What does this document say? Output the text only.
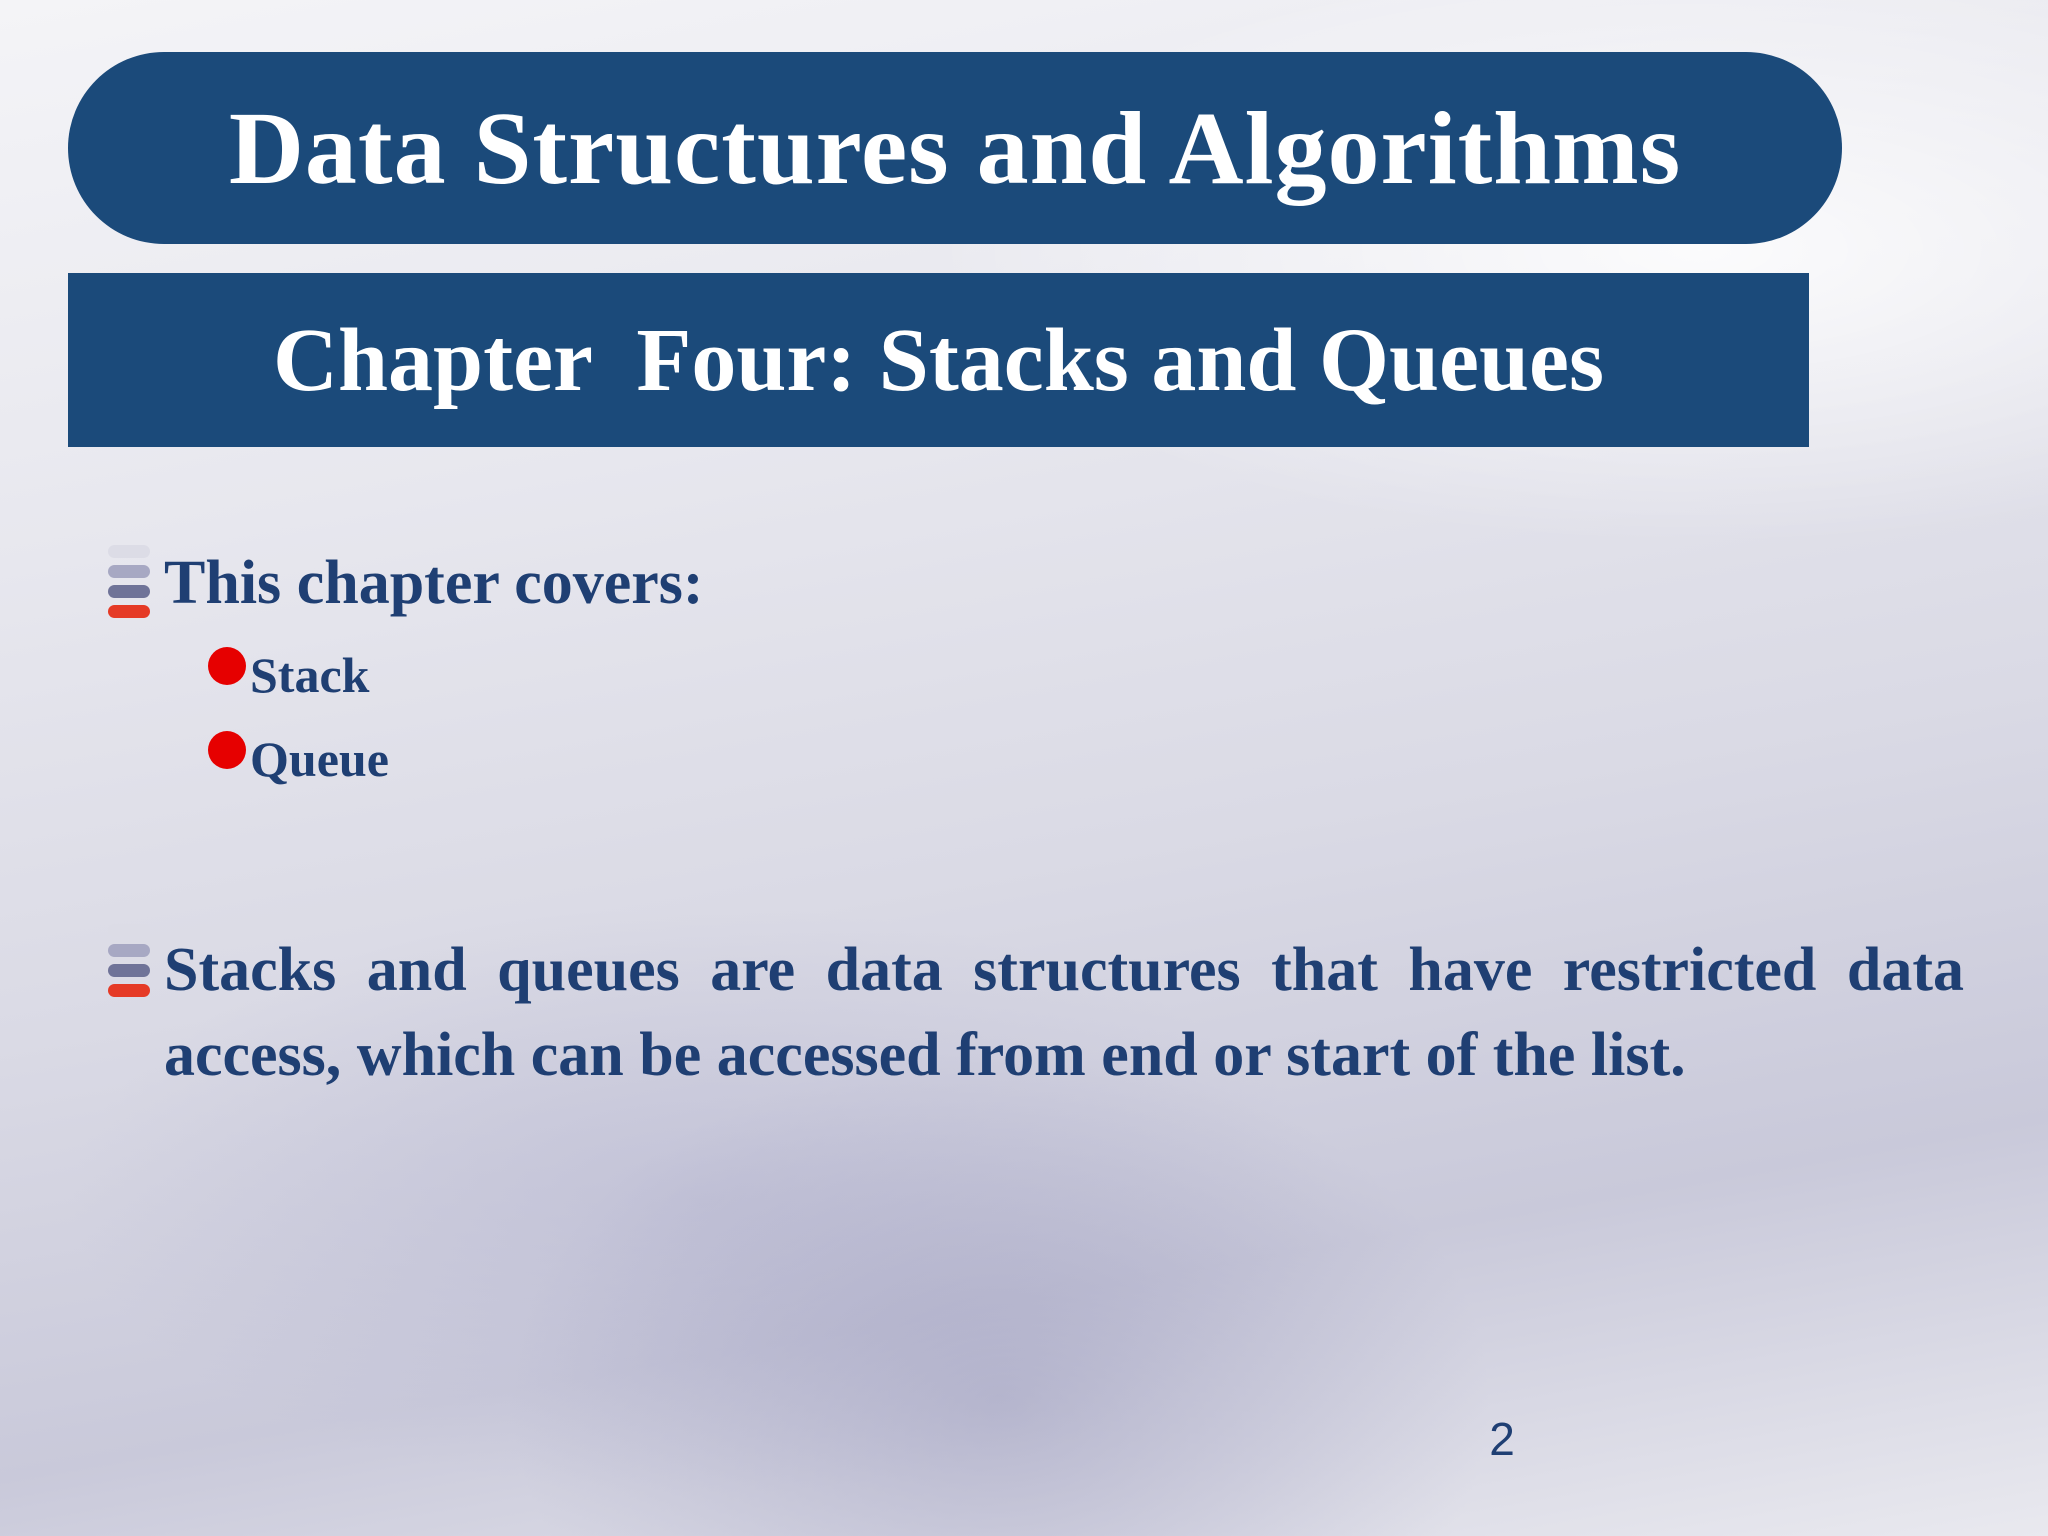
Data Structures and Algorithms
Chapter  Four: Stacks and Queues
This chapter covers:
Stack
Queue
Stacks and queues are data structures that have restricted data access, which can be accessed from end or start of the list.
2
